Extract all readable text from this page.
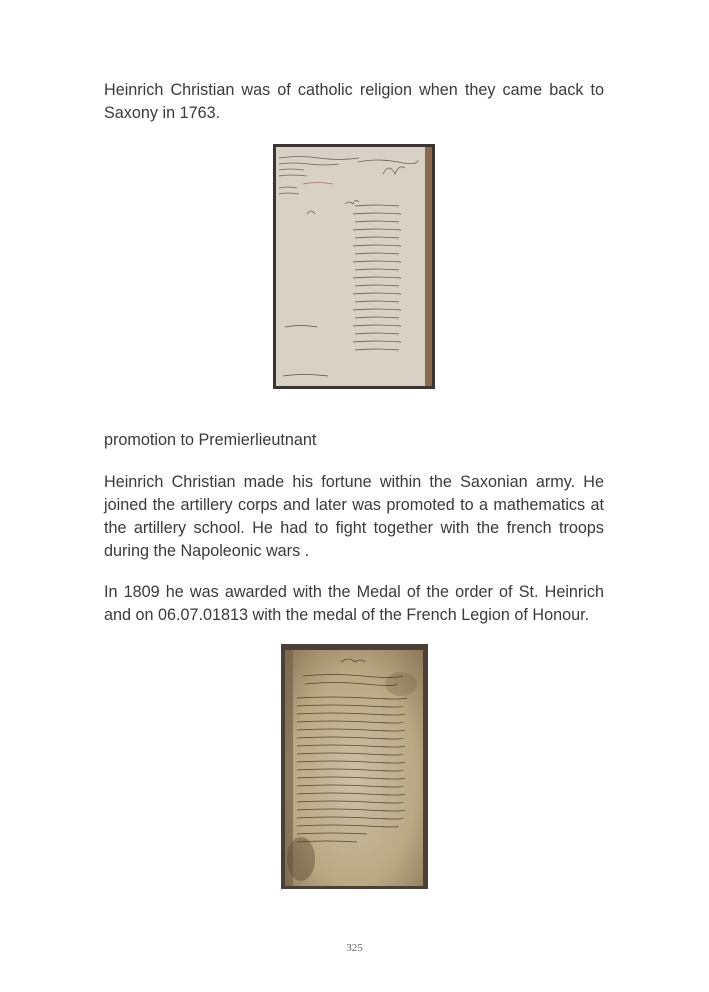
Heinrich Christian was of catholic religion when they came back to Saxony in 1763.

promotion to Premierlieutnant

Heinrich Christian made his fortune within the Saxonian army. He joined the artillery corps and later was promoted to a mathematics at the artillery school. He had to fight together with the french troops during the Napoleonic wars .

In 1809 he was awarded with the Medal of the order of St. Heinrich and on 06.07.01813 with the medal of the French Legion of Honour.

325
